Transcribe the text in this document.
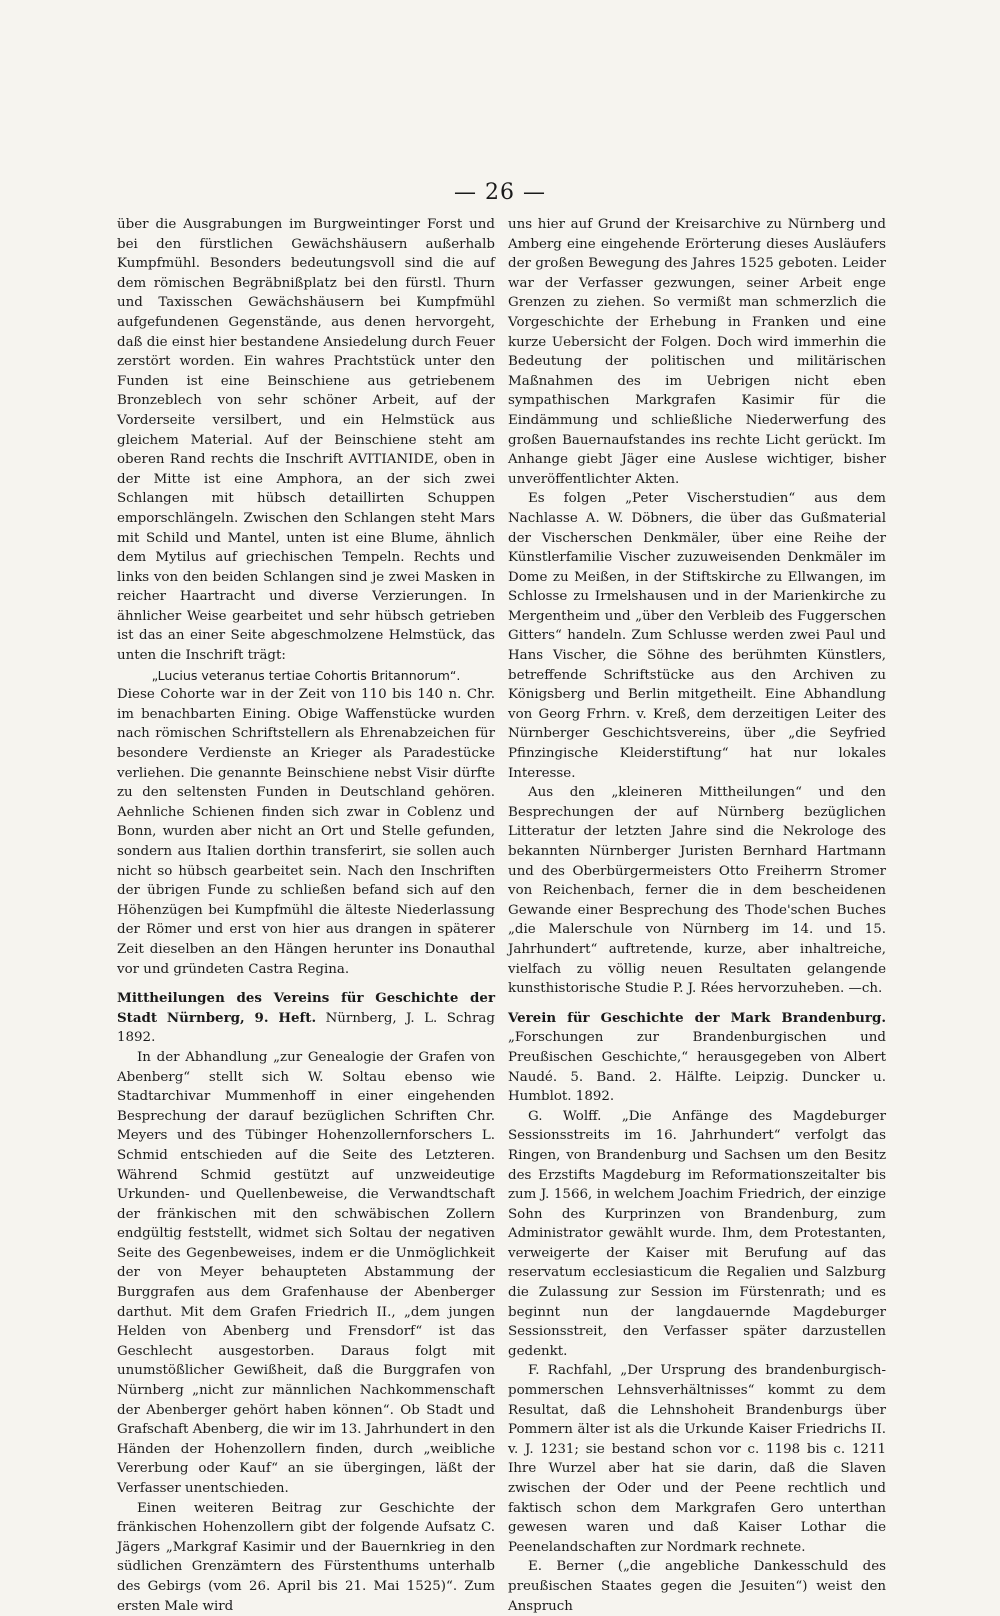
— 26 —

über die Ausgrabungen im Burgweintinger Forst und bei den fürstlichen Gewächshäusern außerhalb Kumpfmühl. Besonders bedeutungsvoll sind die auf dem römischen Begräbnißplatz bei den fürstl. Thurn und Taxisschen Gewächshäusern bei Kumpfmühl aufgefundenen Gegenstände, aus denen hervorgeht, daß die einst hier bestandene Ansiedelung durch Feuer zerstört worden. Ein wahres Prachtstück unter den Funden ist eine Beinschiene aus getriebenem Bronzeblech von sehr schöner Arbeit, auf der Vorderseite versilbert, und ein Helmstück aus gleichem Material. Auf der Beinschiene steht am oberen Rand rechts die Inschrift AVITIANIDE, oben in der Mitte ist eine Amphora, an der sich zwei Schlangen mit hübsch detaillirten Schuppen emporschlängeln. Zwischen den Schlangen steht Mars mit Schild und Mantel, unten ist eine Blume, ähnlich dem Mytilus auf griechischen Tempeln. Rechts und links von den beiden Schlangen sind je zwei Masken in reicher Haartracht und diverse Verzierungen. In ähnlicher Weise gearbeitet und sehr hübsch getrieben ist das an einer Seite abgeschmolzene Helmstück, das unten die Inschrift trägt:

„Lucius veteranus tertiae Cohortis Britannorum“.

Diese Cohorte war in der Zeit von 110 bis 140 n. Chr. im benachbarten Eining. Obige Waffenstücke wurden nach römischen Schriftstellern als Ehrenabzeichen für besondere Verdienste an Krieger als Paradestücke verliehen. Die genannte Beinschiene nebst Visir dürfte zu den seltensten Funden in Deutschland gehören. Aehnliche Schienen finden sich zwar in Coblenz und Bonn, wurden aber nicht an Ort und Stelle gefunden, sondern aus Italien dorthin transferirt, sie sollen auch nicht so hübsch gearbeitet sein. Nach den Inschriften der übrigen Funde zu schließen befand sich auf den Höhenzügen bei Kumpfmühl die älteste Niederlassung der Römer und erst von hier aus drangen in späterer Zeit dieselben an den Hängen herunter ins Donauthal vor und gründeten Castra Regina.

Mittheilungen des Vereins für Geschichte der Stadt Nürnberg, 9. Heft. Nürnberg, J. L. Schrag 1892.

In der Abhandlung „zur Genealogie der Grafen von Abenberg“ stellt sich W. Soltau ebenso wie Stadtarchivar Mummenhoff in einer eingehenden Besprechung der darauf bezüglichen Schriften Chr. Meyers und des Tübinger Hohenzollernforschers L. Schmid entschieden auf die Seite des Letzteren. Während Schmid gestützt auf unzweideutige Urkunden- und Quellenbeweise, die Verwandtschaft der fränkischen mit den schwäbischen Zollern endgültig feststellt, widmet sich Soltau der negativen Seite des Gegenbeweises, indem er die Unmöglichkeit der von Meyer behaupteten Abstammung der Burggrafen aus dem Grafenhause der Abenberger darthut. Mit dem Grafen Friedrich II., „dem jungen Helden von Abenberg und Frensdorf“ ist das Geschlecht ausgestorben. Daraus folgt mit unumstößlicher Gewißheit, daß die Burggrafen von Nürnberg „nicht zur männlichen Nachkommenschaft der Abenberger gehört haben können“. Ob Stadt und Grafschaft Abenberg, die wir im 13. Jahrhundert in den Händen der Hohenzollern finden, durch „weibliche Vererbung oder Kauf“ an sie übergingen, läßt der Verfasser unentschieden.

Einen weiteren Beitrag zur Geschichte der fränkischen Hohenzollern gibt der folgende Aufsatz C. Jägers „Markgraf Kasimir und der Bauernkrieg in den südlichen Grenzämtern des Fürstenthums unterhalb des Gebirgs (vom 26. April bis 21. Mai 1525)“. Zum ersten Male wird

uns hier auf Grund der Kreisarchive zu Nürnberg und Amberg eine eingehende Erörterung dieses Ausläufers der großen Bewegung des Jahres 1525 geboten. Leider war der Verfasser gezwungen, seiner Arbeit enge Grenzen zu ziehen. So vermißt man schmerzlich die Vorgeschichte der Erhebung in Franken und eine kurze Uebersicht der Folgen. Doch wird immerhin die Bedeutung der politischen und militärischen Maßnahmen des im Uebrigen nicht eben sympathischen Markgrafen Kasimir für die Eindämmung und schließliche Niederwerfung des großen Bauernaufstandes ins rechte Licht gerückt. Im Anhange giebt Jäger eine Auslese wichtiger, bisher unveröffentlichter Akten.

Es folgen „Peter Vischerstudien“ aus dem Nachlasse A. W. Döbners, die über das Gußmaterial der Vischerschen Denkmäler, über eine Reihe der Künstlerfamilie Vischer zuzuweisenden Denkmäler im Dome zu Meißen, in der Stiftskirche zu Ellwangen, im Schlosse zu Irmelshausen und in der Marienkirche zu Mergentheim und „über den Verbleib des Fuggerschen Gitters“ handeln. Zum Schlusse werden zwei Paul und Hans Vischer, die Söhne des berühmten Künstlers, betreffende Schriftstücke aus den Archiven zu Königsberg und Berlin mitgetheilt. Eine Abhandlung von Georg Frhrn. v. Kreß, dem derzeitigen Leiter des Nürnberger Geschichtsvereins, über „die Seyfried Pfinzingische Kleiderstiftung“ hat nur lokales Interesse.

Aus den „kleineren Mittheilungen“ und den Besprechungen der auf Nürnberg bezüglichen Litteratur der letzten Jahre sind die Nekrologe des bekannten Nürnberger Juristen Bernhard Hartmann und des Oberbürgermeisters Otto Freiherrn Stromer von Reichenbach, ferner die in dem bescheidenen Gewande einer Besprechung des Thode'schen Buches „die Malerschule von Nürnberg im 14. und 15. Jahrhundert“ auftretende, kurze, aber inhaltreiche, vielfach zu völlig neuen Resultaten gelangende kunsthistorische Studie P. J. Rées hervorzuheben. —ch.

Verein für Geschichte der Mark Brandenburg. „Forschungen zur Brandenburgischen und Preußischen Geschichte,“ herausgegeben von Albert Naudé. 5. Band. 2. Hälfte. Leipzig. Duncker u. Humblot. 1892.

G. Wolff. „Die Anfänge des Magdeburger Sessionsstreits im 16. Jahrhundert“ verfolgt das Ringen, von Brandenburg und Sachsen um den Besitz des Erzstifts Magdeburg im Reformationszeitalter bis zum J. 1566, in welchem Joachim Friedrich, der einzige Sohn des Kurprinzen von Brandenburg, zum Administrator gewählt wurde. Ihm, dem Protestanten, verweigerte der Kaiser mit Berufung auf das reservatum ecclesiasticum die Regalien und Salzburg die Zulassung zur Session im Fürstenrath; und es beginnt nun der langdauernde Magdeburger Sessionsstreit, den Verfasser später darzustellen gedenkt.

F. Rachfahl, „Der Ursprung des brandenburgisch-pommerschen Lehnsverhältnisses“ kommt zu dem Resultat, daß die Lehnshoheit Brandenburgs über Pommern älter ist als die Urkunde Kaiser Friedrichs II. v. J. 1231; sie bestand schon vor c. 1198 bis c. 1211 Ihre Wurzel aber hat sie darin, daß die Slaven zwischen der Oder und der Peene rechtlich und faktisch schon dem Markgrafen Gero unterthan gewesen waren und daß Kaiser Lothar die Peenelandschaften zur Nordmark rechnete.

E. Berner („die angebliche Dankesschuld des preußischen Staates gegen die Jesuiten“) weist den Anspruch
